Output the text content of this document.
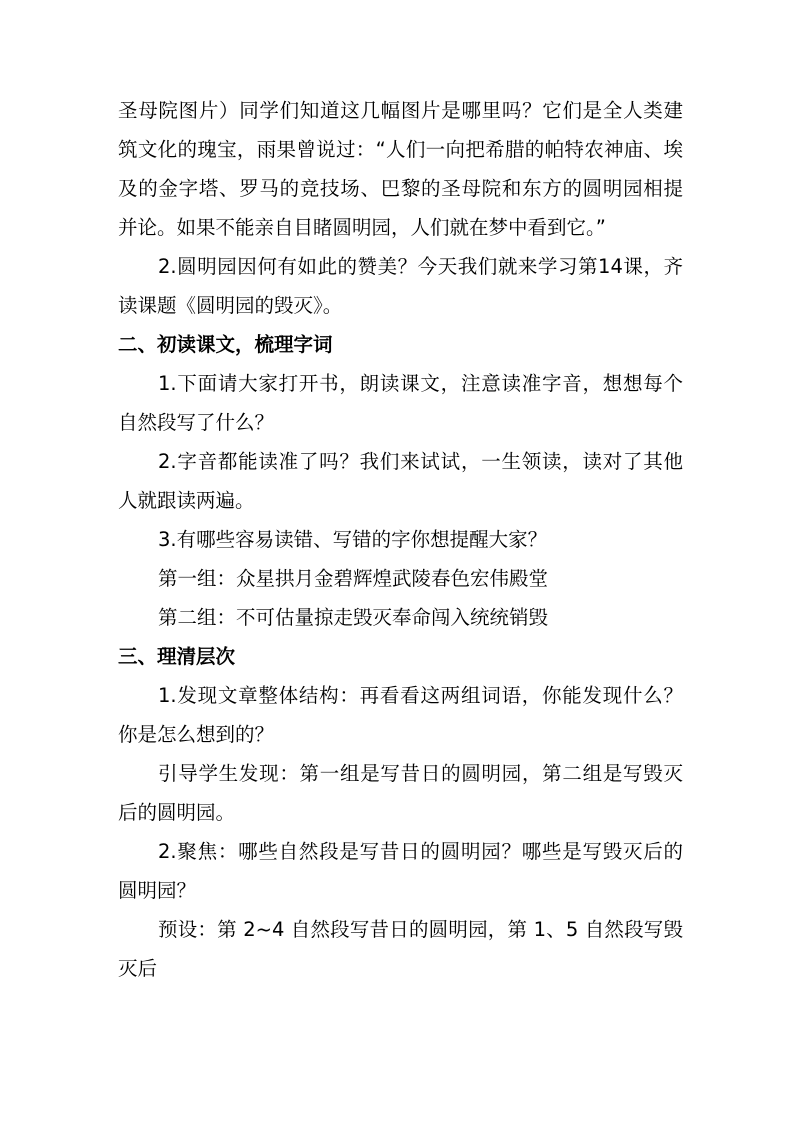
圣母院图片）同学们知道这几幅图片是哪里吗？它们是全人类建筑文化的瑰宝，雨果曾说过：“人们一向把希腊的帕特农神庙、埃及的金字塔、罗马的竞技场、巴黎的圣母院和东方的圆明园相提并论。如果不能亲自目睹圆明园，人们就在梦中看到它。”

2.圆明园因何有如此的赞美？今天我们就来学习第14课，齐读课题《圆明园的毁灭》。

二、初读课文，梳理字词

1.下面请大家打开书，朗读课文，注意读准字音，想想每个自然段写了什么？

2.字音都能读准了吗？我们来试试，一生领读，读对了其他人就跟读两遍。

3.有哪些容易读错、写错的字你想提醒大家？

第一组：众星拱月金碧辉煌武陵春色宏伟殿堂

第二组：不可估量掠走毁灭奉命闯入统统销毁

三、理清层次

1.发现文章整体结构：再看看这两组词语，你能发现什么？你是怎么想到的？

引导学生发现：第一组是写昔日的圆明园，第二组是写毁灭后的圆明园。

2.聚焦：哪些自然段是写昔日的圆明园？哪些是写毁灭后的圆明园？

预设：第 2~4 自然段写昔日的圆明园，第 1、5 自然段写毁灭后
